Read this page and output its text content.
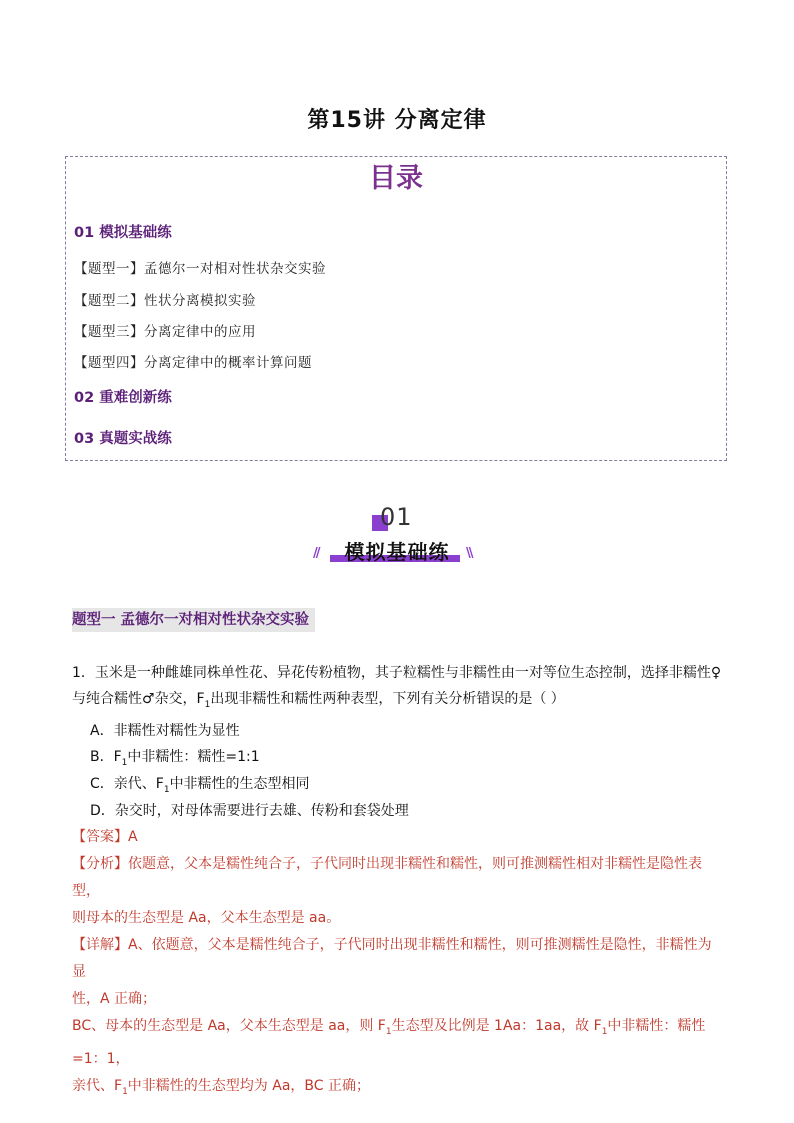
第15讲 分离定律
目录
01 模拟基础练
【题型一】孟德尔一对相对性状杂交实验
【题型二】性状分离模拟实验
【题型三】分离定律中的应用
【题型四】分离定律中的概率计算问题
02 重难创新练
03 真题实战练
01
//	模拟基础练	\\
题型一 孟德尔一对相对性状杂交实验
1．玉米是一种雌雄同株单性花、异花传粉植物，其子粒糯性与非糯性由一对等位生态控制，选择非糯性♀
与纯合糯性♂杂交，$F_1$出现非糯性和糯性两种表型，下列有关分析错误的是（ ）
A．非糯性对糯性为显性
B．$F_1$中非糯性：糯性=1:1
C．亲代、$F_1$中非糯性的生态型相同
D．杂交时，对母体需要进行去雄、传粉和套袋处理
【答案】A
【分析】依题意，父本是糯性纯合子，子代同时出现非糯性和糯性，则可推测糯性相对非糯性是隐性表型，
则母本的生态型是 Aa，父本生态型是 aa。
【详解】A、依题意，父本是糯性纯合子，子代同时出现非糯性和糯性，则可推测糯性是隐性，非糯性为显
性，A 正确；
BC、母本的生态型是 Aa，父本生态型是 aa，则 $F_1$生态型及比例是 1Aa：1aa，故 $F_1$中非糯性：糯性=1：1，
亲代、$F_1$中非糯性的生态型均为 Aa，BC 正确；
